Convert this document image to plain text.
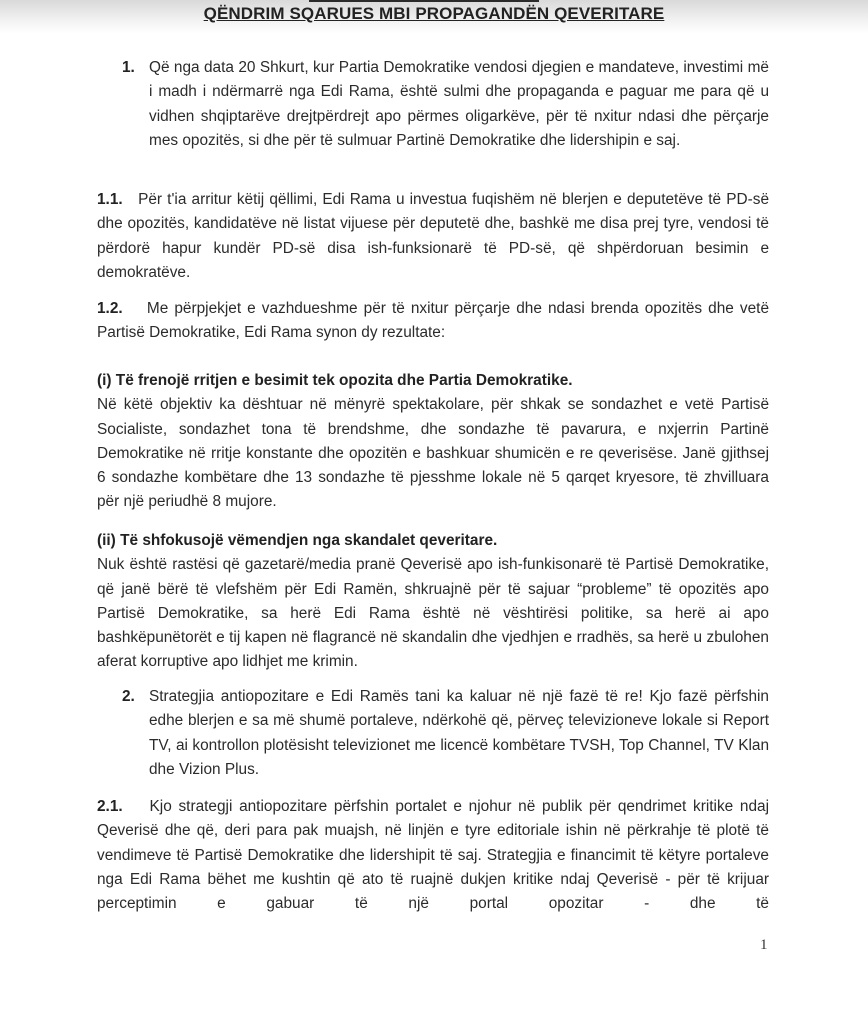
QËNDRIM SQARUES MBI PROPAGANDËN QEVERITARE
1. Që nga data 20 Shkurt, kur Partia Demokratike vendosi djegien e mandateve, investimi më i madh i ndërmarrë nga Edi Rama, është sulmi dhe propaganda e paguar me para që u vidhen shqiptarëve drejtpërdrejt apo përmes oligarkëve, për të nxitur ndasi dhe përçarje mes opozitës, si dhe për të sulmuar Partinë Demokratike dhe lidershipin e saj.
1.1. Për t'ia arritur këtij qëllimi, Edi Rama u investua fuqishëm në blerjen e deputetëve të PD-së dhe opozitës, kandidatëve në listat vijuese për deputetë dhe, bashkë me disa prej tyre, vendosi të përdorë hapur kundër PD-së disa ish-funksionarë të PD-së, që shpërdoruan besimin e demokratëve.
1.2. Me përpjekjet e vazhdueshme për të nxitur përçarje dhe ndasi brenda opozitës dhe vetë Partisë Demokratike, Edi Rama synon dy rezultate:
(i) Të frenojë rritjen e besimit tek opozita dhe Partia Demokratike.
Në këtë objektiv ka dështuar në mënyrë spektakolare, për shkak se sondazhet e vetë Partisë Socialiste, sondazhet tona të brendshme, dhe sondazhe të pavarura, e nxjerrin Partinë Demokratike në rritje konstante dhe opozitën e bashkuar shumicën e re qeverisëse. Janë gjithsej 6 sondazhe kombëtare dhe 13 sondazhe të pjesshme lokale në 5 qarqet kryesore, të zhvilluara për një periudhë 8 mujore.
(ii) Të shfokusojë vëmendjen nga skandalet qeveritare.
Nuk është rastësi që gazetarë/media pranë Qeverisë apo ish-funkisonarë të Partisë Demokratike, që janë bërë të vlefshëm për Edi Ramën, shkruajnë për të sajuar “probleme” të opozitës apo Partisë Demokratike, sa herë Edi Rama është në vështirësi politike, sa herë ai apo bashkëpunëtorët e tij kapen në flagrancë në skandalin dhe vjedhjen e rradhës, sa herë u zbulohen aferat korruptive apo lidhjet me krimin.
2. Strategjia antiopozitare e Edi Ramës tani ka kaluar në një fazë të re! Kjo fazë përfshin edhe blerjen e sa më shumë portaleve, ndërkohë që, përveç televizioneve lokale si Report TV, ai kontrollon plotësisht televizionet me licencë kombëtare TVSH, Top Channel, TV Klan dhe Vizion Plus.
2.1. Kjo strategji antiopozitare përfshin portalet e njohur në publik për qendrimet kritike ndaj Qeverisë dhe që, deri para pak muajsh, në linjën e tyre editoriale ishin në përkrahje të plotë të vendimeve të Partisë Demokratike dhe lidershipit të saj. Strategjia e financimit të këtyre portaleve nga Edi Rama bëhet me kushtin që ato të ruajnë dukjen kritike ndaj Qeverisë - për të krijuar perceptimin e gabuar të një portal opozitar - dhe të
1
